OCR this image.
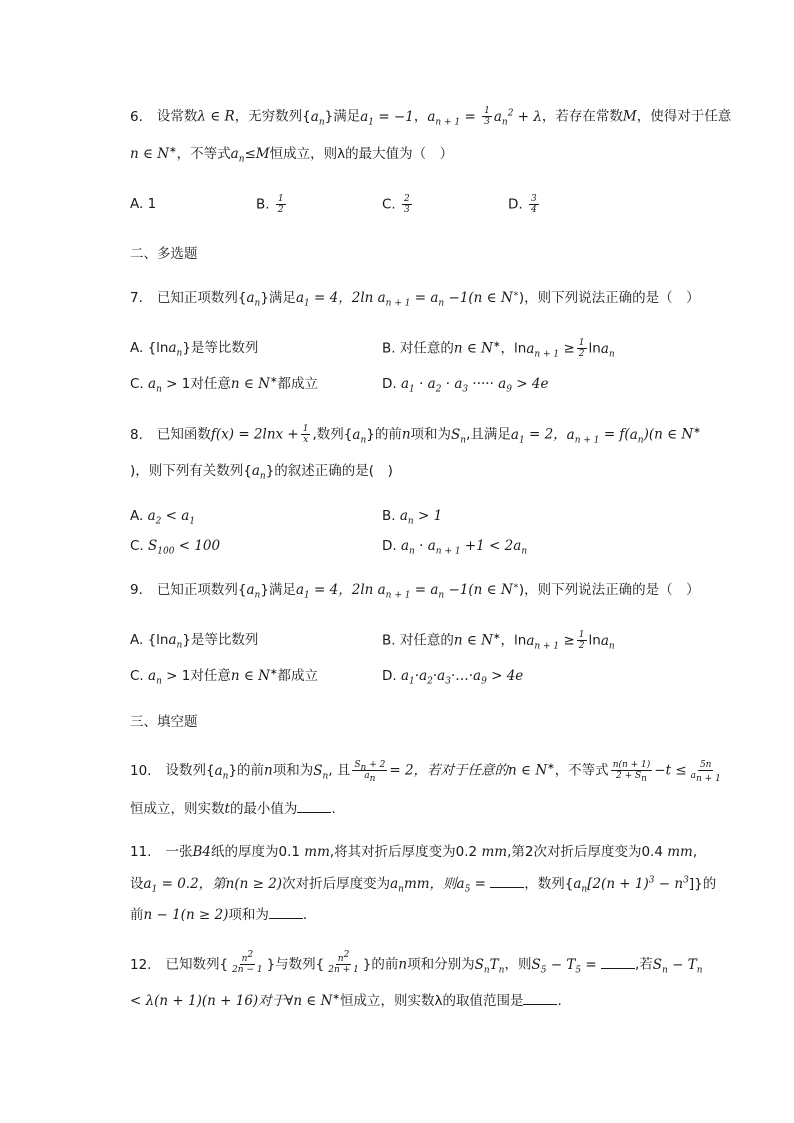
6. 设常数λ ∈ R，无穷数列$\{a_n\}$满足$a_1 = -1$，$a_{n + 1} = \frac{1}{3} a_n^2 + \lambda$，若存在常数M，使得对于任意
n ∈ N∗，不等式$a_n\le M$恒成立，则λ的最大值为（　）
A. 1	B. $\frac{1}{2}$	C. $\frac{2}{3}$	D. $\frac{3}{4}$
二、多选题
7. 已知正项数列$\{a_n\}$满足$a_1 = 4$，2ln $a_{n + 1} = a_n -1(n$ ∈ N∗)，则下列说法正确的是（　）
A. {lna$_n$}是等比数列	B. 对任意的n ∈ N∗，$\ln a_{n + 1} \ge \frac{1}{2} \ln a_n$
C. $a_n > 1$对任意n ∈ N∗都成立	D. $a_1 \cdot a_2 \cdot a_3$ ····· $a_9 > 4e$
8. 已知函数$f(x) = 2\ln x + \frac{1}{x}$ ,数列$\{a_n\}$的前n项和为$S_n$,且满足$a_1 = 2$，$a_{n + 1} = f(a_n)(n$ ∈ N∗
)，则下列有关数列$\{a_n\}$的叙述正确的是(　)
A. $a_2 < a_1$	B. $a_n > 1$
C. $S_{100} < 100$	D. $a_n \cdot a_{n + 1} +1 < 2a_n$
9. 已知正项数列$\{a_n\}$满足$a_1 = 4$，2ln $a_{n + 1} = a_n -1(n$ ∈ N∗)，则下列说法正确的是（　）
A. {lna$_n$}是等比数列	B. 对任意的n ∈ N∗，$\ln a_{n + 1} \ge \frac{1}{2} \ln a_n$
C. $a_n > 1$对任意n ∈ N∗都成立	D. $a_1\cdot a_2\cdot a_3\cdot\dots\cdot a_9 > 4e$
三、填空题
10. 设数列$\{a_n\}$的前n项和为$S_n$, 且 $\frac{S_n + 2}{a_n} = 2$，若对于任意的n ∈ N∗，不等式 $\frac{n(n + 1)}{2 + S_n} -t \le \frac{5n}{a_{n + 1}}$
恒成立，则实数t的最小值为	.
11. 一张B4纸的厚度为0.1 mm,将其对折后厚度变为0.2 mm,第2次对折后厚度变为0.4 mm,
设$a_1 = 0.2$，第n(n ≥ 2)次对折后厚度变为$a_nmm$，则$a_5$ =	，数列$\{a_n[2(n + 1)^3 - n^3]\}$的
前n − 1(n ≥ 2)项和为	.
12. 已知数列{ $\frac{n^2}{2n - 1}$ }与数列{ $\frac{n^2}{2n + 1}$ }的前n项和分别为$S_nT_n$，则$S_5 - T_5$ =	,若$S_n - T_n$
< λ(n + 1)(n + 16)对于∀n ∈ N∗恒成立，则实数λ的取值范围是	.
